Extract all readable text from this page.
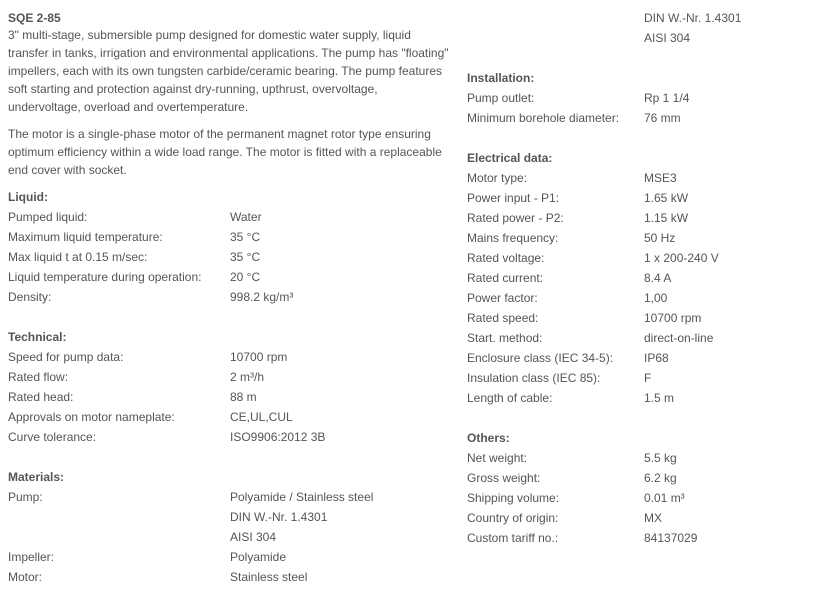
SQE 2-85

3" multi-stage, submersible pump designed for domestic water supply, liquid transfer in tanks, irrigation and environmental applications. The pump has "floating" impellers, each with its own tungsten carbide/ceramic bearing. The pump features soft starting and protection against dry-running, upthrust, overvoltage, undervoltage, overload and overtemperature.

The motor is a single-phase motor of the permanent magnet rotor type ensuring optimum efficiency within a wide load range. The motor is fitted with a replaceable end cover with socket.

Liquid:
Pumped liquid:	Water
Maximum liquid temperature:	35 °C
Max liquid t at 0.15 m/sec:	35 °C
Liquid temperature during operation:	20 °C
Density:	998.2 kg/m³
Technical:
Speed for pump data:	10700 rpm
Rated flow:	2 m³/h
Rated head:	88 m
Approvals on motor nameplate:	CE,UL,CUL
Curve tolerance:	ISO9906:2012 3B
Materials:
Pump:	Polyamide / Stainless steel
DIN W.-Nr. 1.4301
AISI 304
Impeller:	Polyamide
Motor:	Stainless steel
DIN W.-Nr. 1.4301
AISI 304
Installation:
Pump outlet:	Rp 1 1/4
Minimum borehole diameter:	76 mm
Electrical data:
Motor type:	MSE3
Power input - P1:	1.65 kW
Rated power - P2:	1.15 kW
Mains frequency:	50 Hz
Rated voltage:	1 x 200-240 V
Rated current:	8.4 A
Power factor:	1,00
Rated speed:	10700 rpm
Start. method:	direct-on-line
Enclosure class (IEC 34-5):	IP68
Insulation class (IEC 85):	F
Length of cable:	1.5 m
Others:
Net weight:	5.5 kg
Gross weight:	6.2 kg
Shipping volume:	0.01 m³
Country of origin:	MX
Custom tariff no.:	84137029
